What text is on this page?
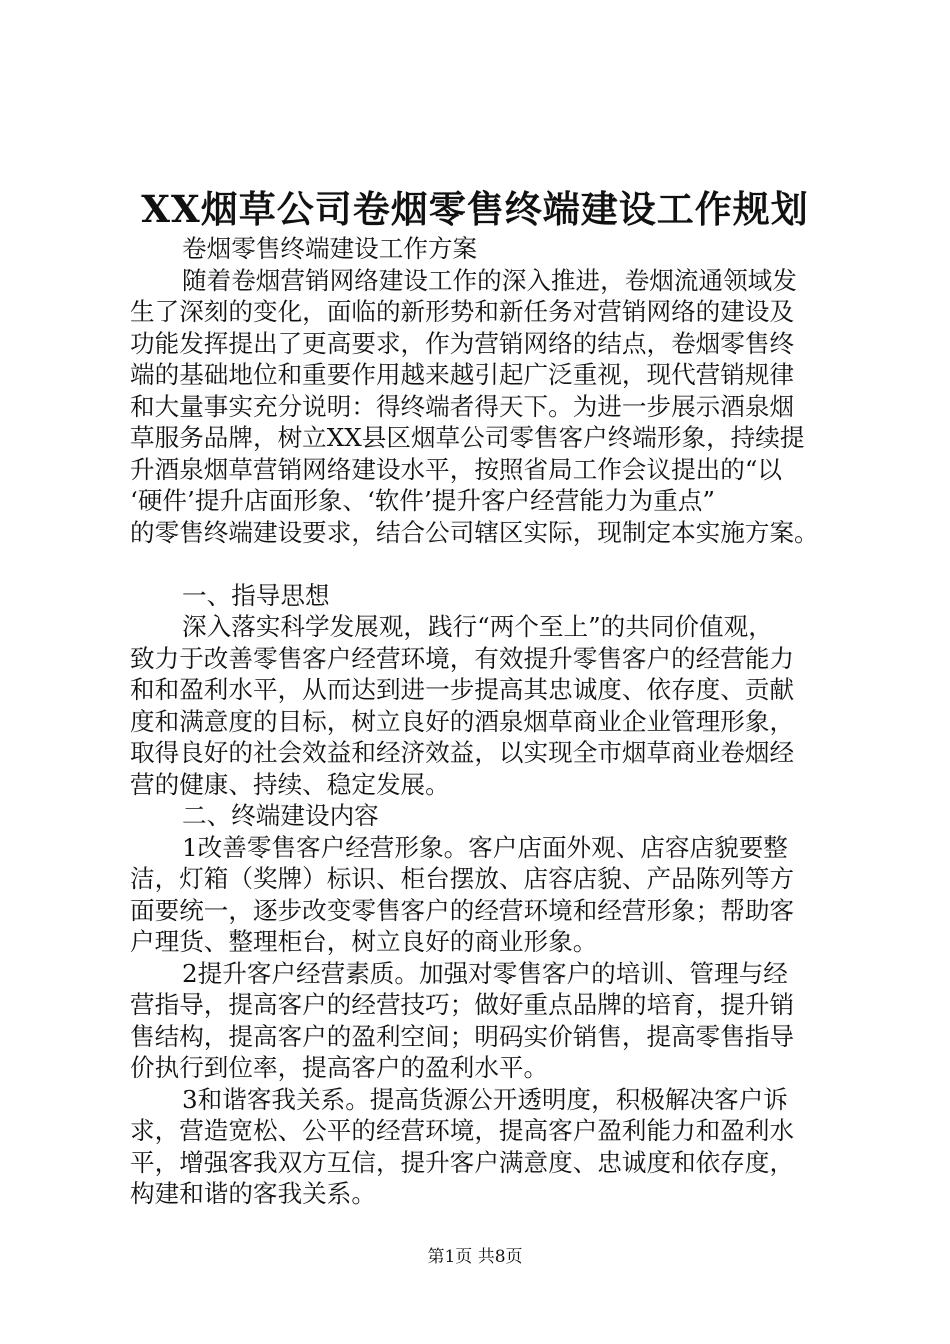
XX烟草公司卷烟零售终端建设工作规划
卷烟零售终端建设工作方案
随着卷烟营销网络建设工作的深入推进，卷烟流通领域发
生了深刻的变化，面临的新形势和新任务对营销网络的建设及
功能发挥提出了更高要求，作为营销网络的结点，卷烟零售终
端的基础地位和重要作用越来越引起广泛重视，现代营销规律
和大量事实充分说明：得终端者得天下。为进一步展示酒泉烟
草服务品牌，树立XX县区烟草公司零售客户终端形象，持续提
升酒泉烟草营销网络建设水平，按照省局工作会议提出的“以
‘硬件’提升店面形象、‘软件’提升客户经营能力为重点”
的零售终端建设要求，结合公司辖区实际，现制定本实施方案。
一、指导思想
深入落实科学发展观，践行“两个至上”的共同价值观，
致力于改善零售客户经营环境，有效提升零售客户的经营能力
和和盈利水平，从而达到进一步提高其忠诚度、依存度、贡献
度和满意度的目标，树立良好的酒泉烟草商业企业管理形象，
取得良好的社会效益和经济效益，以实现全市烟草商业卷烟经
营的健康、持续、稳定发展。
二、终端建设内容
1改善零售客户经营形象。客户店面外观、店容店貌要整
洁，灯箱（奖牌）标识、柜台摆放、店容店貌、产品陈列等方
面要统一，逐步改变零售客户的经营环境和经营形象；帮助客
户理货、整理柜台，树立良好的商业形象。
2提升客户经营素质。加强对零售客户的培训、管理与经
营指导，提高客户的经营技巧；做好重点品牌的培育，提升销
售结构，提高客户的盈利空间；明码实价销售，提高零售指导
价执行到位率，提高客户的盈利水平。
3和谐客我关系。提高货源公开透明度，积极解决客户诉
求，营造宽松、公平的经营环境，提高客户盈利能力和盈利水
平，增强客我双方互信，提升客户满意度、忠诚度和依存度，
构建和谐的客我关系。
第1页 共8页
